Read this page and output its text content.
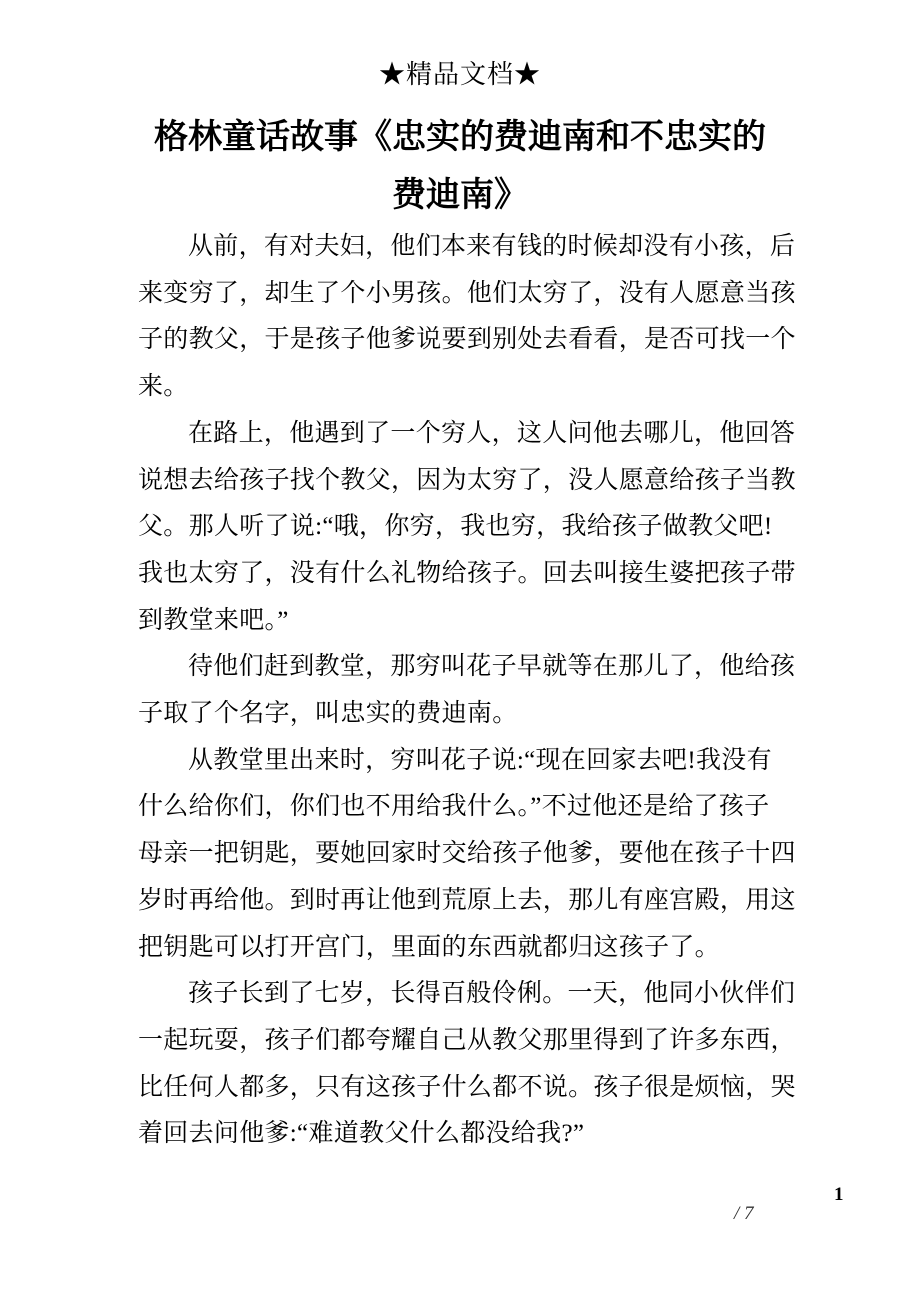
★精品文档★
格林童话故事《忠实的费迪南和不忠实的
费迪南》
从前，有对夫妇，他们本来有钱的时候却没有小孩，后
来变穷了，却生了个小男孩。他们太穷了，没有人愿意当孩
子的教父，于是孩子他爹说要到别处去看看，是否可找一个
来。
在路上，他遇到了一个穷人，这人问他去哪儿，他回答
说想去给孩子找个教父，因为太穷了，没人愿意给孩子当教
父。那人听了说:“哦，你穷，我也穷，我给孩子做教父吧!
我也太穷了，没有什么礼物给孩子。回去叫接生婆把孩子带
到教堂来吧。”
待他们赶到教堂，那穷叫花子早就等在那儿了，他给孩
子取了个名字，叫忠实的费迪南。
从教堂里出来时，穷叫花子说:“现在回家去吧!我没有
什么给你们，你们也不用给我什么。”不过他还是给了孩子
母亲一把钥匙，要她回家时交给孩子他爹，要他在孩子十四
岁时再给他。到时再让他到荒原上去，那儿有座宫殿，用这
把钥匙可以打开宫门，里面的东西就都归这孩子了。
孩子长到了七岁，长得百般伶俐。一天，他同小伙伴们
一起玩耍，孩子们都夸耀自己从教父那里得到了许多东西，
比任何人都多，只有这孩子什么都不说。孩子很是烦恼，哭
着回去问他爹:“难道教父什么都没给我?”
1
/ 7
